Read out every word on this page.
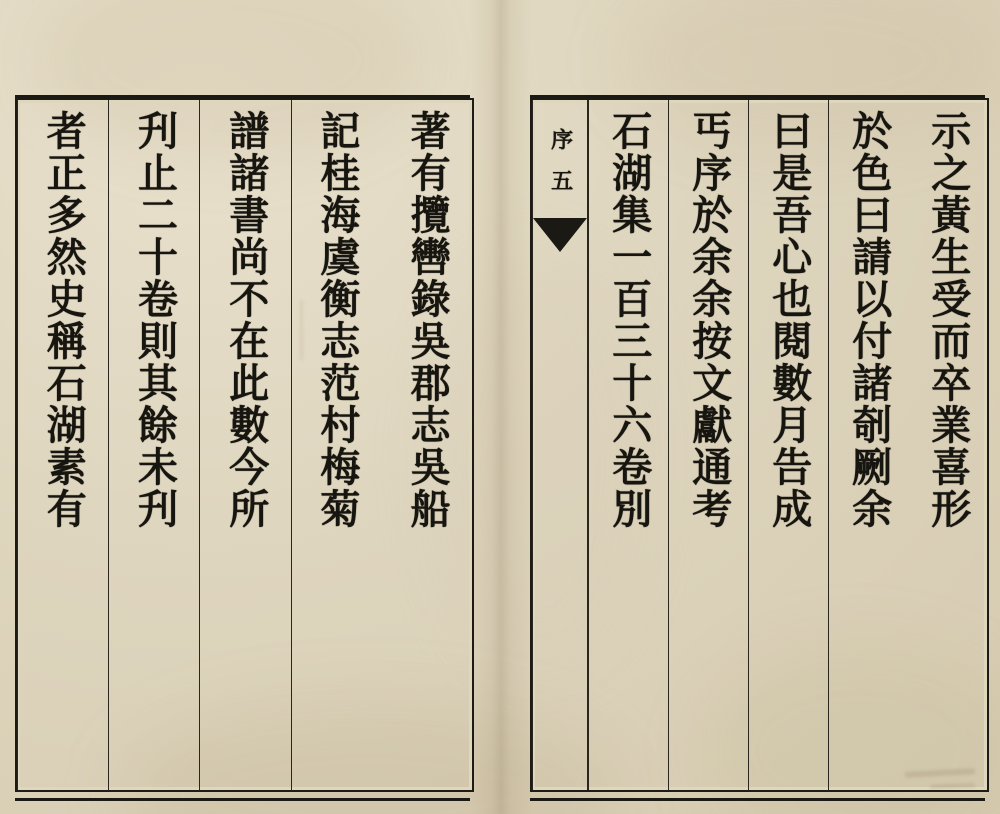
示之黃生受而卒業喜形
於色曰請以付諸剞劂余
曰是吾心也閱數月告成
丐序於余余按文獻通考
石湖集一百三十六卷別
序
五
著有攬轡錄吳郡志吳船
記桂海虞衡志范村梅菊
譜諸書尚不在此數今所
刋止二十卷則其餘未刋
者正多然史稱石湖素有
